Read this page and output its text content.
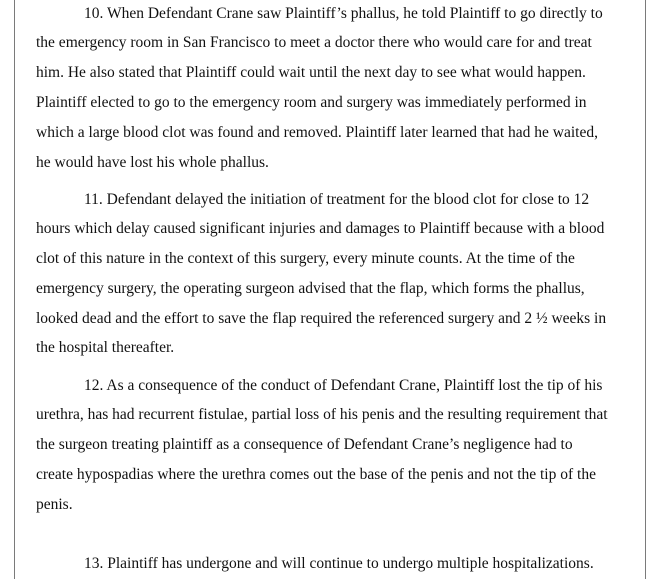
10. When Defendant Crane saw Plaintiff’s phallus, he told Plaintiff to go directly to
the emergency room in San Francisco to meet a doctor there who would care for and treat
him. He also stated that Plaintiff could wait until the next day to see what would happen.
Plaintiff elected to go to the emergency room and surgery was immediately performed in
which a large blood clot was found and removed. Plaintiff later learned that had he waited,
he would have lost his whole phallus.
11. Defendant delayed the initiation of treatment for the blood clot for close to 12
hours which delay caused significant injuries and damages to Plaintiff because with a blood
clot of this nature in the context of this surgery, every minute counts. At the time of the
emergency surgery, the operating surgeon advised that the flap, which forms the phallus,
looked dead and the effort to save the flap required the referenced surgery and 2 ½ weeks in
the hospital thereafter.
12. As a consequence of the conduct of Defendant Crane, Plaintiff lost the tip of his
urethra, has had recurrent fistulae, partial loss of his penis and the resulting requirement that
the surgeon treating plaintiff as a consequence of Defendant Crane’s negligence had to
create hypospadias where the urethra comes out the base of the penis and not the tip of the
penis.
13. Plaintiff has undergone and will continue to undergo multiple hospitalizations.
